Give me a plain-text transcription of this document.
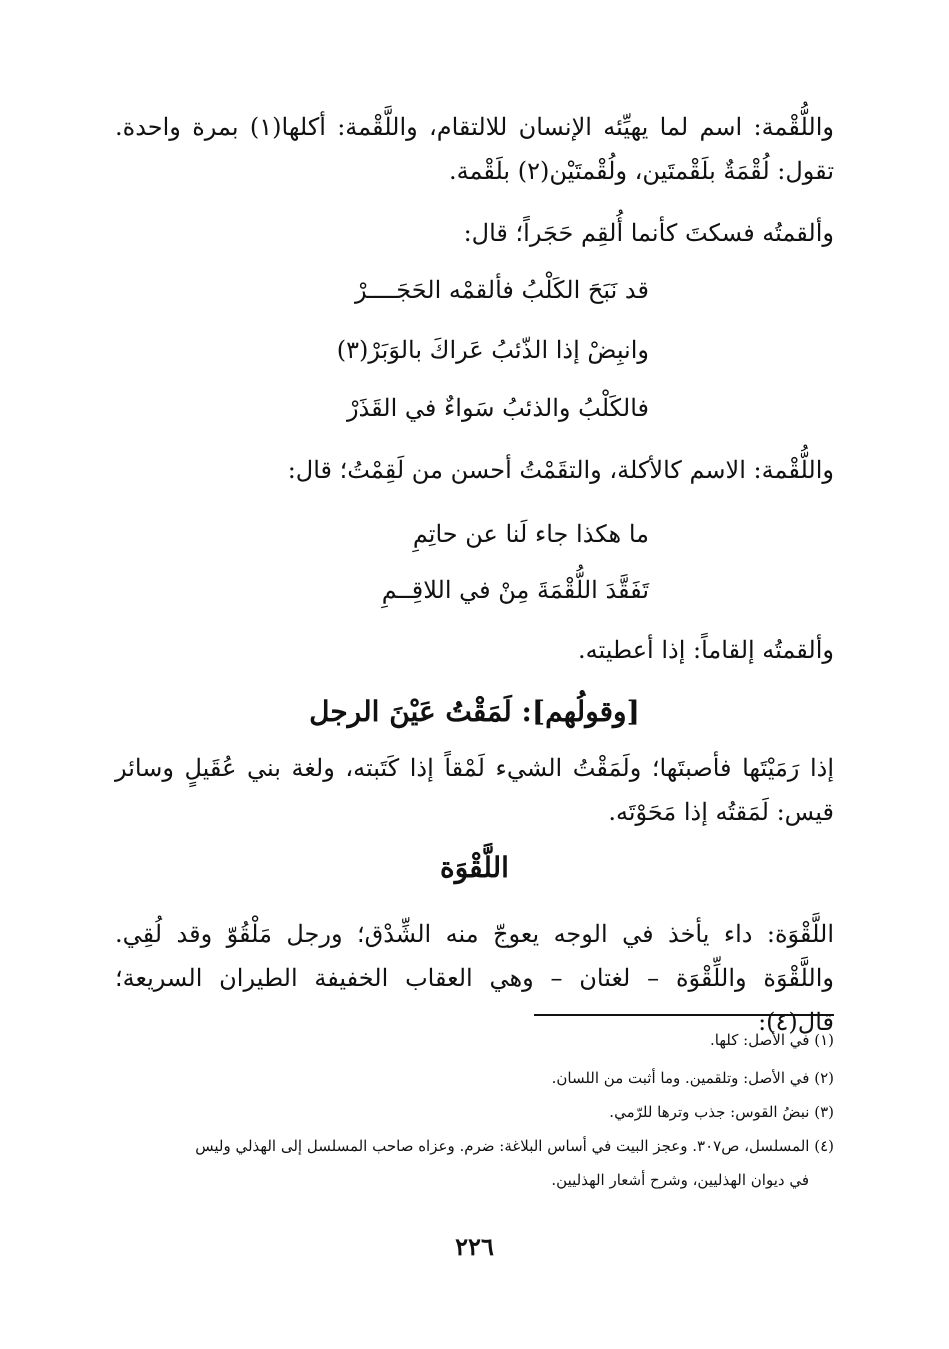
واللُّقْمة: اسم لما يهيِّئه الإنسان للالتقام، واللَّقْمة: أكلها(١) بمرة واحدة. تقول: لُقْمَةٌ بلَقْمتَين، ولُقْمتَيْن(٢) بلَقْمة.
وألقمتُه فسكتَ كأنما أُلقِم حَجَراً؛ قال:
قد نَبَحَ الكَلْبُ فألقمْه الحَجَــــرْ
وانبِضْ إذا الذّئبُ عَراكَ بالوَبَرْ(٣)
فالكَلْبُ والذئبُ سَواءٌ في القَذَرْ
واللُّقْمة: الاسم كالأكلة، والتقَمْتُ أحسن من لَقِمْتُ؛ قال:
ما هكذا جاء لَنا عن حاتِمِ
تَفَقَّدَ اللُّقْمَةَ مِنْ في اللاقِــمِ
وألقمتُه إلقاماً: إذا أعطيته.
[وقولُهم]: لَمَقْتُ عَيْنَ الرجل
إذا رَمَيْتَها فأصبتَها؛ ولَمَقْتُ الشيء لَمْقاً إذا كَتَبته، ولغة بني عُقَيلٍ وسائر قيس: لَمَقتُه إذا مَحَوْتَه.
اللَّقْوَة
اللَّقْوَة: داء يأخذ في الوجه يعوجّ منه الشِّدْق؛ ورجل مَلْقُوّ وقد لُقِي. واللَّقْوَة واللِّقْوَة – لغتان – وهي العقاب الخفيفة الطيران السريعة؛ قال(٤):
(١) في الأصل: كلها.
(٢) في الأصل: وتلقمين. وما أثبت من اللسان.
(٣) نبضُ القوس: جذب وترها للرّمي.
(٤) المسلسل، ص٣٠٧. وعجز البيت في أساس البلاغة: ضرم. وعزاه صاحب المسلسل إلى الهذلي وليس
في ديوان الهذليين، وشرح أشعار الهذليين.
٢٢٦
